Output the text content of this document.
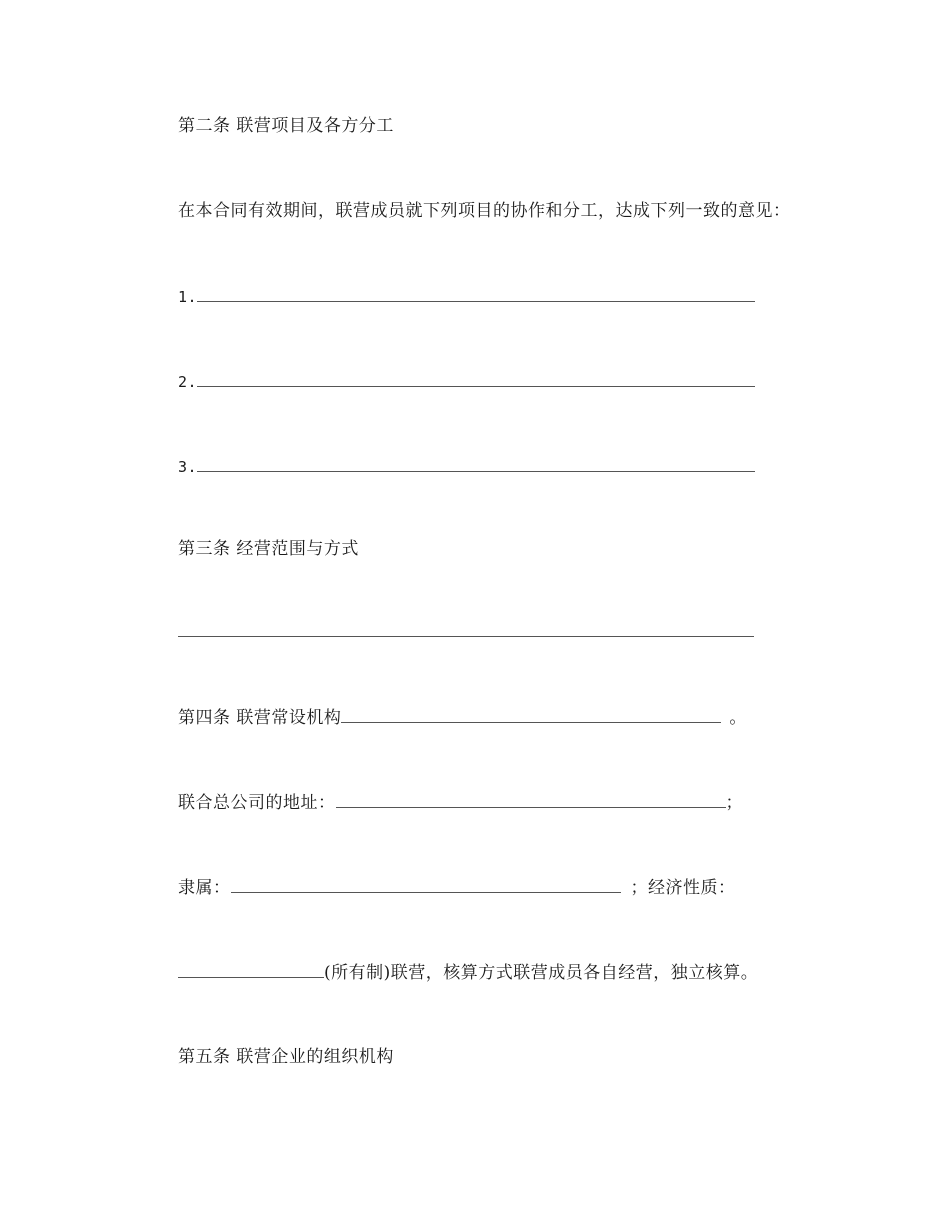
第二条 联营项目及各方分工
在本合同有效期间，联营成员就下列项目的协作和分工，达成下列一致的意见：
1.
2.
3.
第三条 经营范围与方式
第四条 联营常设机构	。
联合总公司的地址：	；
隶属：	；经济性质：
(所有制)联营，核算方式联营成员各自经营，独立核算。
第五条 联营企业的组织机构
